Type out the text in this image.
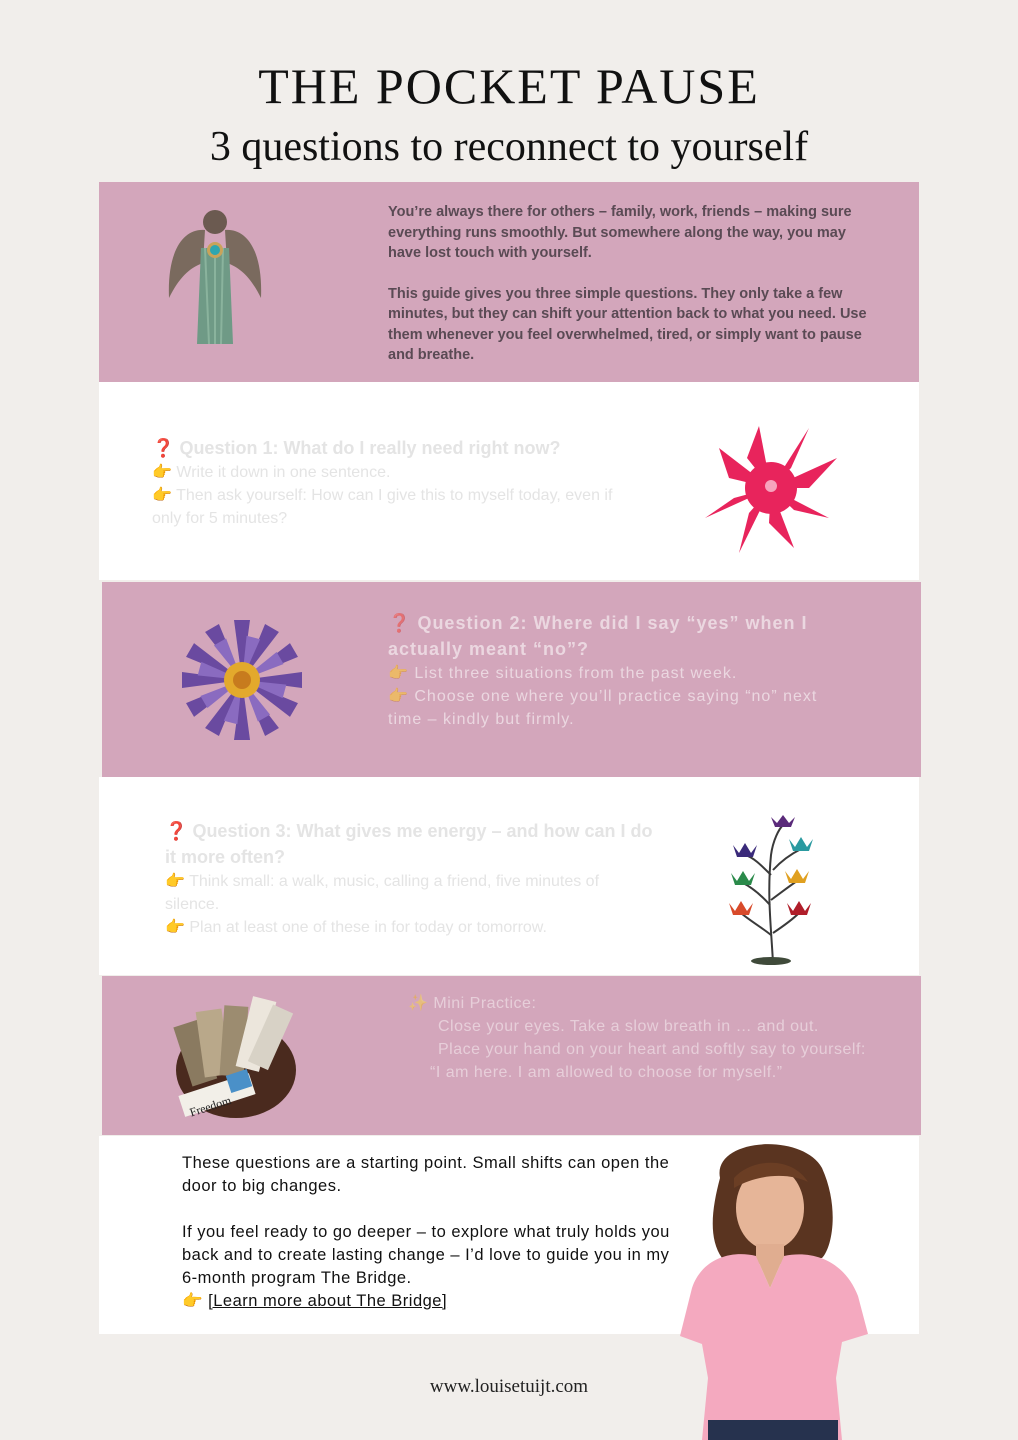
THE POCKET PAUSE
3 questions to reconnect to yourself

You’re always there for others – family, work, friends – making sure everything runs smoothly. But somewhere along the way, you may have lost touch with yourself.

This guide gives you three simple questions. They only take a few minutes, but they can shift your attention back to what you need. Use them whenever you feel overwhelmed, tired, or simply want to pause and breathe.

❓ Question 1: What do I really need right now?
👉 Write it down in one sentence.
👉 Then ask yourself: How can I give this to myself today, even if only for 5 minutes?
❓ Question 2: Where did I say “yes” when I actually meant “no”?
👉 List three situations from the past week.
👉 Choose one where you’ll practice saying “no” next time – kindly but firmly.
❓ Question 3: What gives me energy – and how can I do it more often?
👉 Think small: a walk, music, calling a friend, five minutes of silence.
👉 Plan at least one of these in for today or tomorrow.
Freedom
✨ Mini Practice:
Close your eyes. Take a slow breath in … and out.
Place your hand on your heart and softly say to yourself:
“I am here. I am allowed to choose for myself.”

These questions are a starting point. Small shifts can open the door to big changes.

If you feel ready to go deeper – to explore what truly holds you back and to create lasting change – I’d love to guide you in my 6-month program The Bridge.

👉 [Learn more about The Bridge]
www.louisetuijt.com
